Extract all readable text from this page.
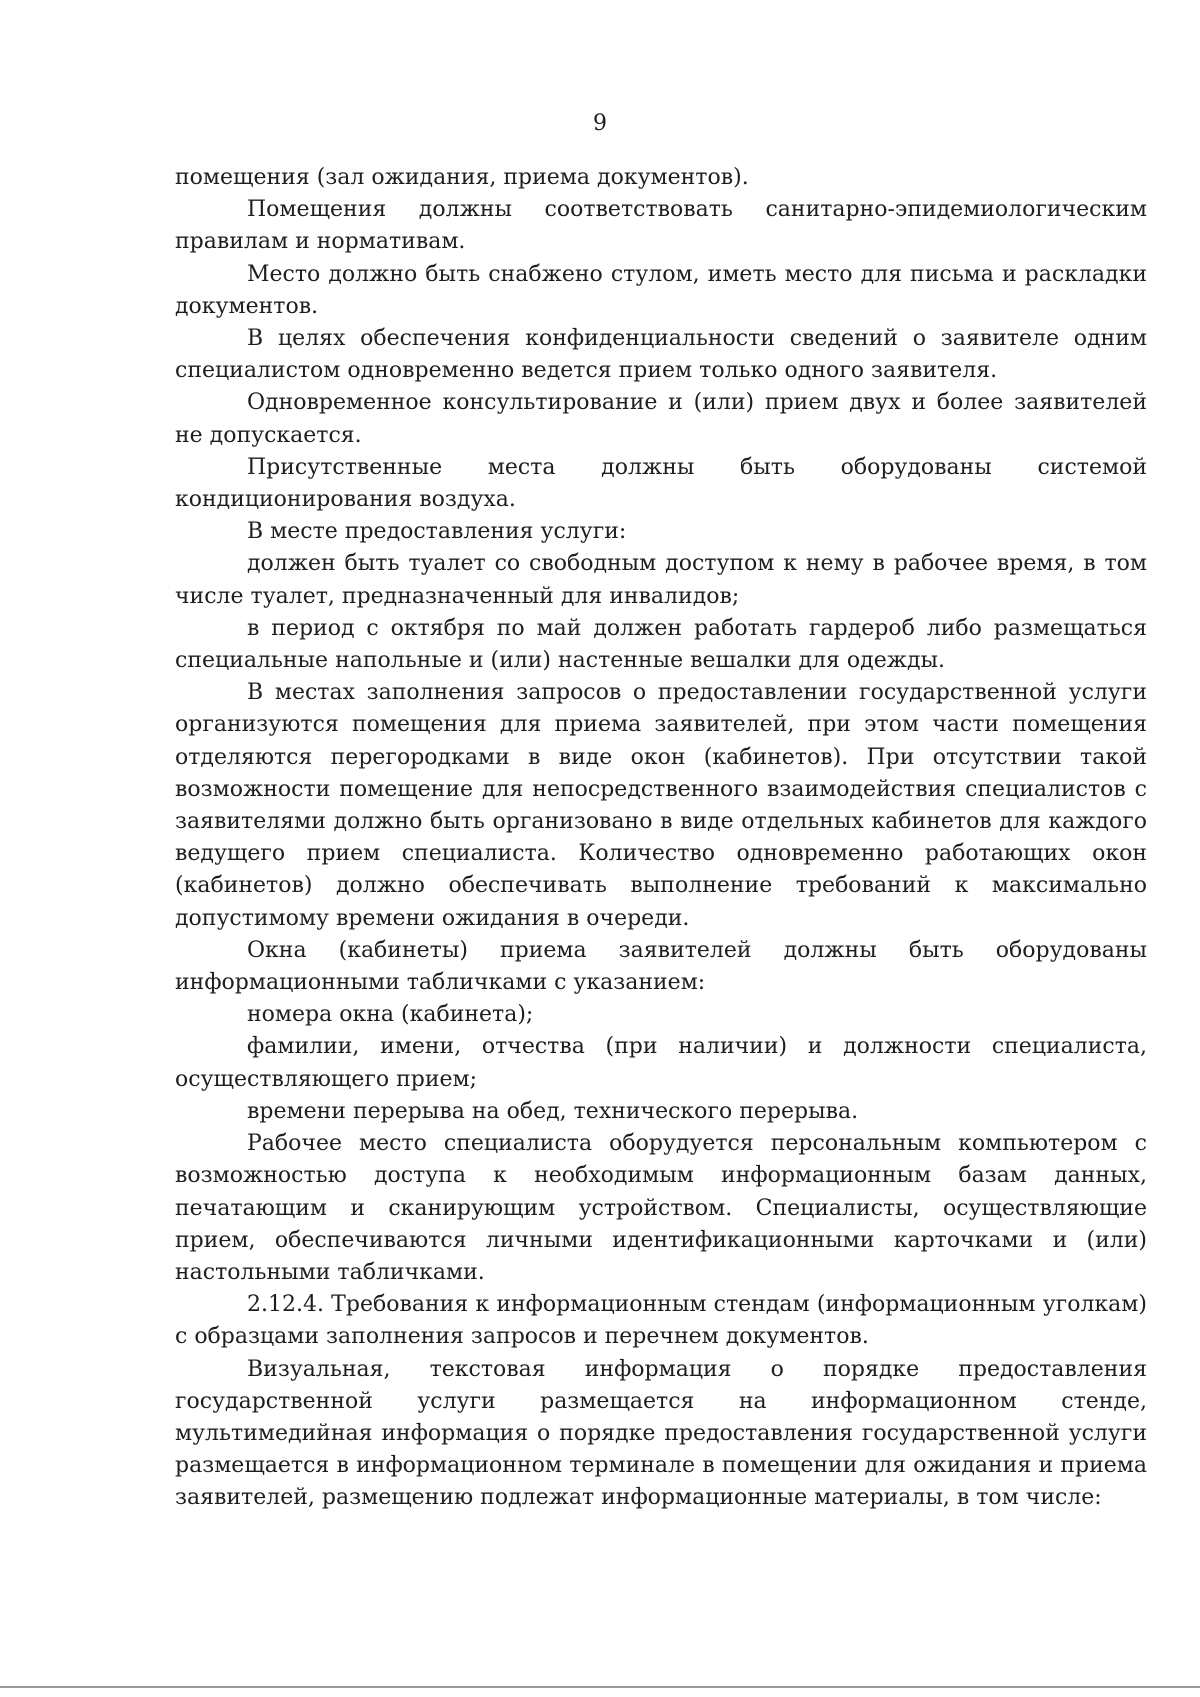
9

помещения (зал ожидания, приема документов).

Помещения должны соответствовать санитарно-эпидемиологическим правилам и нормативам.

Место должно быть снабжено стулом, иметь место для письма и раскладки документов.

В целях обеспечения конфиденциальности сведений о заявителе одним специалистом одновременно ведется прием только одного заявителя.

Одновременное консультирование и (или) прием двух и более заявителей не допускается.

Присутственные места должны быть оборудованы системой кондиционирования воздуха.

В месте предоставления услуги:

должен быть туалет со свободным доступом к нему в рабочее время, в том числе туалет, предназначенный для инвалидов;

в период с октября по май должен работать гардероб либо размещаться специальные напольные и (или) настенные вешалки для одежды.

В местах заполнения запросов о предоставлении государственной услуги организуются помещения для приема заявителей, при этом части помещения отделяются перегородками в виде окон (кабинетов). При отсутствии такой возможности помещение для непосредственного взаимодействия специалистов с заявителями должно быть организовано в виде отдельных кабинетов для каждого ведущего прием специалиста. Количество одновременно работающих окон (кабинетов) должно обеспечивать выполнение требований к максимально допустимому времени ожидания в очереди.

Окна (кабинеты) приема заявителей должны быть оборудованы информационными табличками с указанием:

номера окна (кабинета);

фамилии, имени, отчества (при наличии) и должности специалиста, осуществляющего прием;

времени перерыва на обед, технического перерыва.

Рабочее место специалиста оборудуется персональным компьютером с возможностью доступа к необходимым информационным базам данных, печатающим и сканирующим устройством. Специалисты, осуществляющие прием, обеспечиваются личными идентификационными карточками и (или) настольными табличками.

2.12.4. Требования к информационным стендам (информационным уголкам) с образцами заполнения запросов и перечнем документов.

Визуальная, текстовая информация о порядке предоставления государственной услуги размещается на информационном стенде, мультимедийная информация о порядке предоставления государственной услуги размещается в информационном терминале в помещении для ожидания и приема заявителей, размещению подлежат информационные материалы, в том числе:
